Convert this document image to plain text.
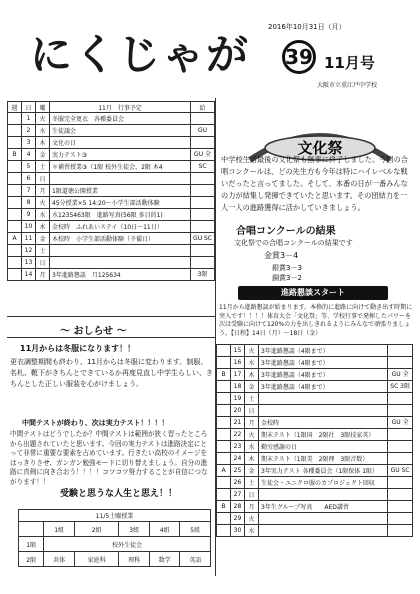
2016年10月31日（月）
にくじゃが 39 11月号
大阪市立重江戸中学校
週	日	曜	11月　行事予定	給
	1	火	冬服完全更衣　各種委員会	
	2	水	生徒議会	GU
	3	木	文化の日	
B	4	金	実力テスト③	GU 全
	5	土	＊補習授業③（1限 校外生徒会、2限 木4	SC
	6	日		
	7	月	1限道徳公開授業	
	8	火	45分授業×5 14:20～小学生部活動体験	
	9	水	水1235463限　進路写真(56限 多目的1)	
	10	木	金校時　ふれあいステイ（10日～11日）	
A	11	金	木校時　小学生部活動体験（予備日）	GU SC
	12	土		
	13	日		
	14	月	3年進路懇談　月125634	3限
文化祭
中学校生活最後の文化祭も無事に終了しました。今回の合唱コンクールは、どの先生方も今年は特にハイレベルな戦いだったと言ってました。そして、本番の日が一番みんなの力が結集し発揮できていたと思います。その団結力を一人一人の進路獲得に活かしていきましょう。
合唱コンクールの結果
文化祭での合唱コンクールの結果です
金賞3－4
銀賞3－3
銅賞3－2
進路懇談スタート
11月から進路懇談が始まります。本格的に進路に向けて動き出す時期に突入です！！！！体育大会「文化祭」等、学校行事で発揮したパワーを次は受験に向けて120%の力を出しきれるようにみんなで頑張りましょう。【日程】14日（月）～18日（金）
～ おしらせ ～
11月からは冬服になります！！
更衣調整期間も終わり、11月からは冬服に変わります。制服、名札、靴下がきちんとできているか再度見直し中学生らしい、きちんとした正しい服装を心がけましょう。
中間テストが終わり、次は実力テスト！！！！
中間テストはどうでしたか？中間テストは範囲が狭く習ったところから出題されていたと思います。今回の実力テストは進路決定にとって非常に重要な要素を占めています。行きたい高校のイメージをはっきりさせ、ガンガン勉強モードに切り替えましょう。自分の進路に真剣に向き合おう！！！！コツコツ努力することが自信につながります！！
受験と思うな人生と思え！！
11/5土曜授業					
	1組	2組	3組	4組	5組
1限	校外生徒会				
2限	共体	家庭科	理科	数学	英語
	15	火	3年進路懇談（4限まで）	
	16	水	3年進路懇談（4限まで）	
B	17	木	3年進路懇談（4限まで）	GU 全
	18	金	3年進路懇談（4限まで）	SC 3限
	19	土		
	20	日		
	21	月	金校時	GU 全
	22	火	期末テスト（1限国　2限社　3限技家英）	
	23	水	勤労感謝の日	
	24	木	期末テスト（1限美　2限理　3限音数）	
A	25	金	3年実力テスト 各種委員会（1限保体 1限）	GU SC
	26	土	生徒会・ユニクロ服のカプロジェクト回収	
	27	日		
B	28	月	3年生グループ写真　　AED講習	
	29	火		
	30	水		
